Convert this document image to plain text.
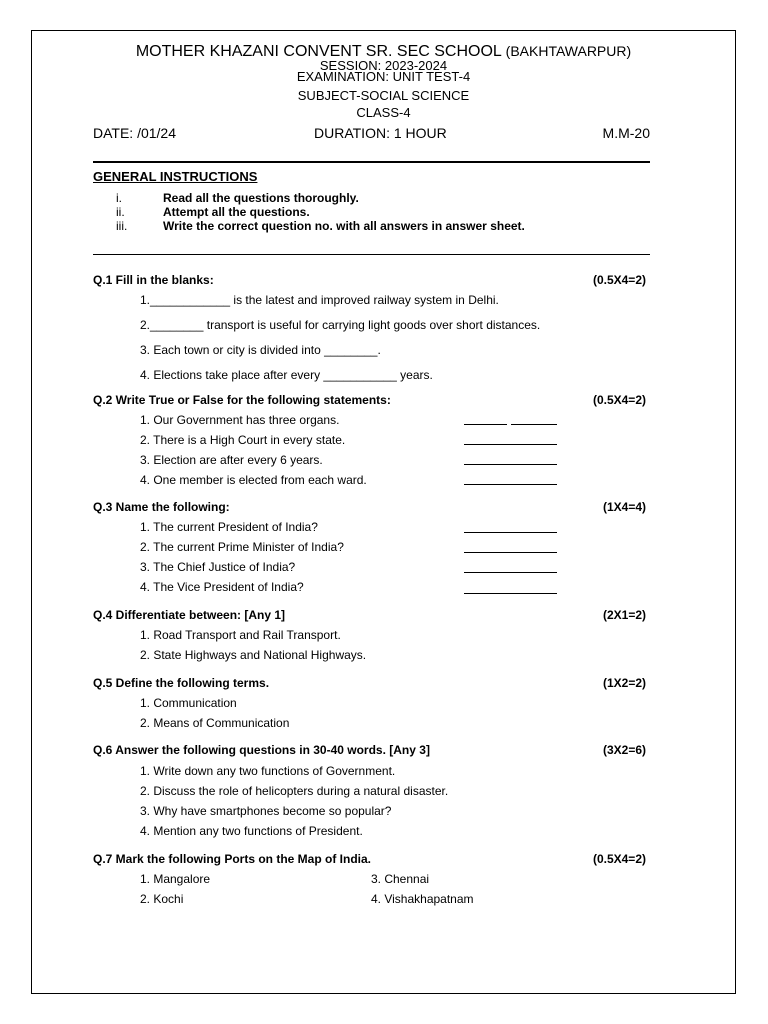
MOTHER KHAZANI CONVENT SR. SEC SCHOOL (BAKHTAWARPUR)
SESSION: 2023-2024
EXAMINATION: UNIT TEST-4
SUBJECT-SOCIAL SCIENCE
CLASS-4
DATE: /01/24	DURATION: 1 HOUR	M.M-20
GENERAL INSTRUCTIONS
i.	Read all the questions thoroughly.
ii.	Attempt all the questions.
iii.	Write the correct question no. with all answers in answer sheet.
Q.1 Fill in the blanks:	(0.5X4=2)
1.____________ is the latest and improved railway system in Delhi.
2.________ transport is useful for carrying light goods over short distances.
3. Each town or city is divided into ________.
4. Elections take place after every ___________ years.
Q.2 Write True or False for the following statements:	(0.5X4=2)
1. Our Government has three organs.
2. There is a High Court in every state.
3. Election are after every 6 years.
4. One member is elected from each ward.
Q.3 Name the following:	(1X4=4)
1. The current President of India?
2. The current Prime Minister of India?
3. The Chief Justice of India?
4. The Vice President of India?
Q.4 Differentiate between: [Any 1]	(2X1=2)
1. Road Transport and Rail Transport.
2. State Highways and National Highways.
Q.5 Define the following terms.	(1X2=2)
1. Communication
2. Means of Communication
Q.6 Answer the following questions in 30-40 words. [Any 3]	(3X2=6)
1. Write down any two functions of Government.
2. Discuss the role of helicopters during a natural disaster.
3. Why have smartphones become so popular?
4. Mention any two functions of President.
Q.7 Mark the following Ports on the Map of India.	(0.5X4=2)
1. Mangalore	3. Chennai
2. Kochi	4. Vishakhapatnam
